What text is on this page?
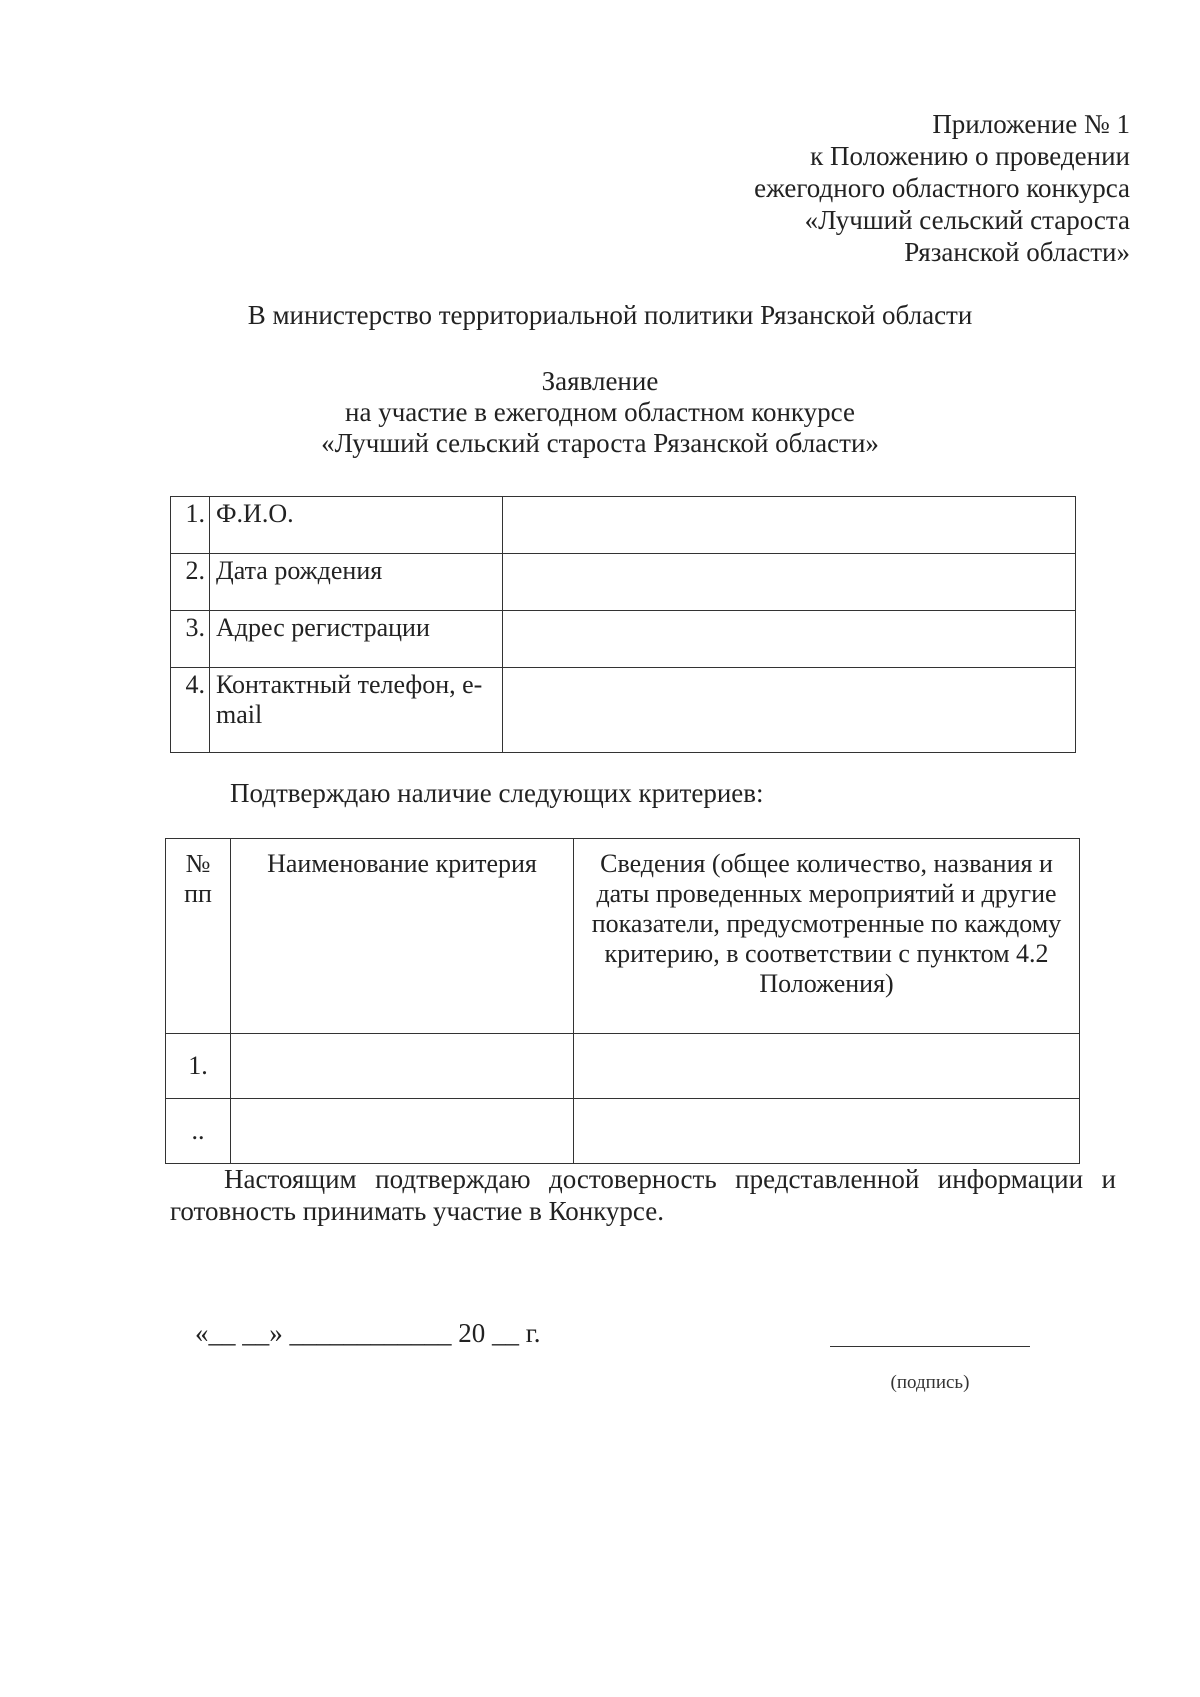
Приложение № 1
к Положению о проведении
ежегодного областного конкурса
«Лучший сельский староста
Рязанской области»
В министерство территориальной политики Рязанской области
Заявление
на участие в ежегодном областном конкурсе
«Лучший сельский староста Рязанской области»
1.	Ф.И.О.	
2.	Дата рождения	
3.	Адрес регистрации	
4.	Контактный телефон, e-mail	
Подтверждаю наличие следующих критериев:
№ пп	Наименование критерия	Сведения (общее количество, названия и даты проведенных мероприятий и другие показатели, предусмотренные по каждому критерию, в соответствии с пунктом 4.2 Положения)
1.		
..		
Настоящим подтверждаю достоверность представленной информации и готовность принимать участие в Конкурсе.
«__ __» ____________ 20 __ г.
(подпись)
